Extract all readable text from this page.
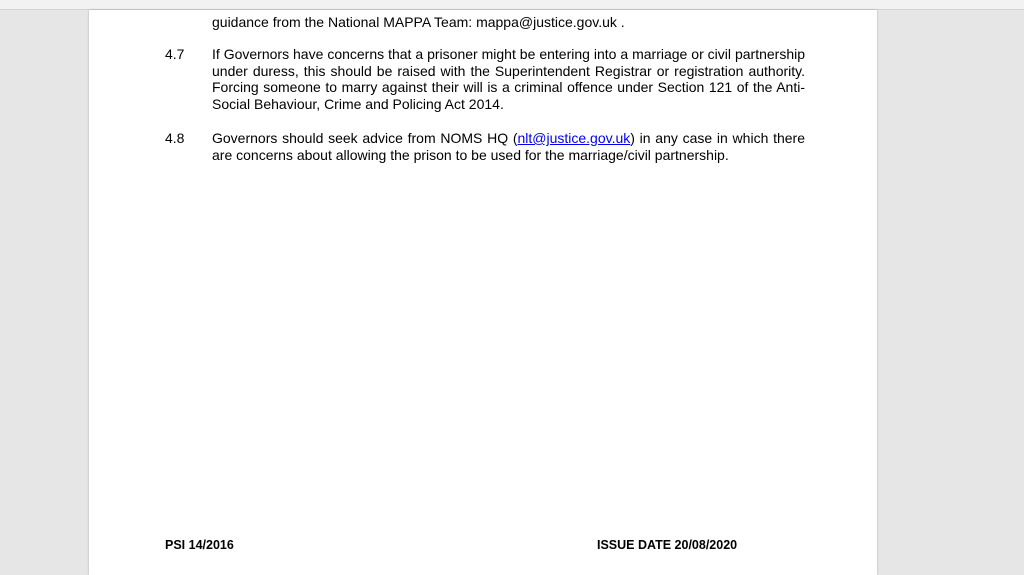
guidance from the National MAPPA Team: mappa@justice.gov.uk .
4.7	If Governors have concerns that a prisoner might be entering into a marriage or civil partnership under duress, this should be raised with the Superintendent Registrar or registration authority. Forcing someone to marry against their will is a criminal offence under Section 121 of the Anti-Social Behaviour, Crime and Policing Act 2014.
4.8	Governors should seek advice from NOMS HQ (nlt@justice.gov.uk) in any case in which there are concerns about allowing the prison to be used for the marriage/civil partnership.
PSI 14/2016	ISSUE DATE 20/08/2020
